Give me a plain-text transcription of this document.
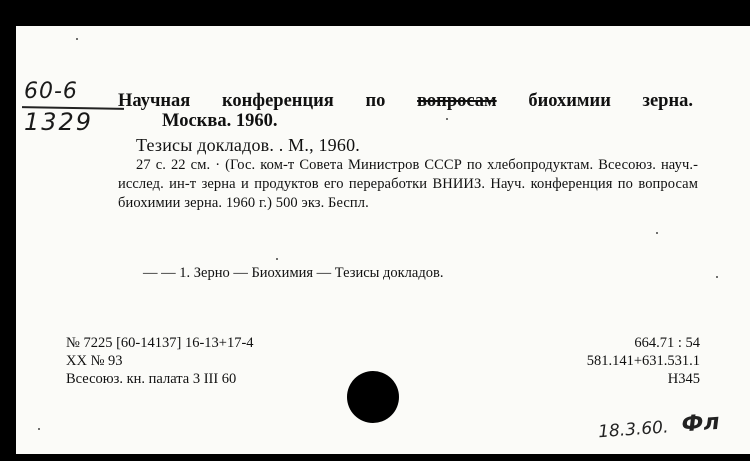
60-6
1329
Научная конференция по вопросам биохимии зерна.
Москва. 1960.
Тезисы докладов. . М., 1960.
27 с. 22 см. · (Гос. ком-т Совета Министров СССР по хлебопродуктам. Всесоюз. науч.-исслед. ин-т зерна и продуктов его переработки ВНИИЗ. Науч. конференция по вопросам биохимии зерна. 1960 г.) 500 экз. Беспл.
— — 1. Зерно — Биохимия — Тезисы докладов.
№ 7225 [60-14137] 16-13+17-4
XX № 93
Всесоюз. кн. палата 3 III 60
664.71 : 54
581.141+631.531.1
H345
18.3.60. Фл
